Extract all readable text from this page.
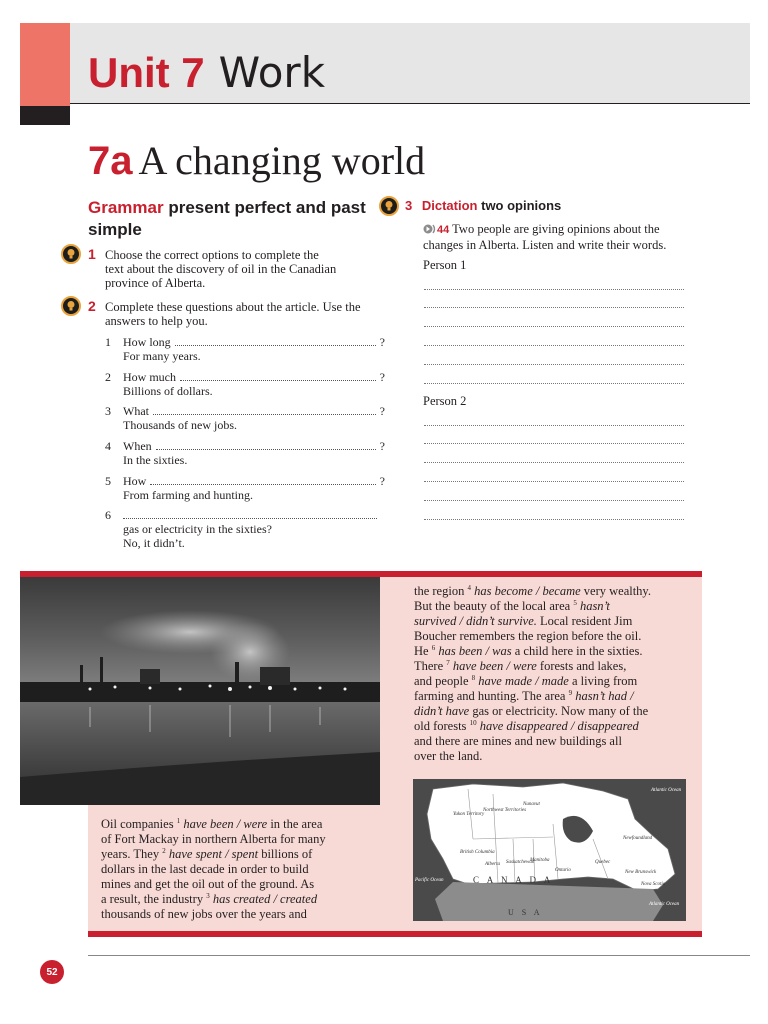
Unit 7 Work
7a A changing world
Grammar present perfect and past simple
1 Choose the correct options to complete the
text about the discovery of oil in the Canadian
province of Alberta.
2 Complete these questions about the article. Use the
answers to help you.
1	How long	?
For many years.
2	How much	?
Billions of dollars.
3	What	?
Thousands of new jobs.
4	When	?
In the sixties.
5	How	?
From farming and hunting.
6
gas or electricity in the sixties?
No, it didn’t.
3 Dictation two opinions
44 Two people are giving opinions about the
changes in Alberta. Listen and write their words.
Person 1
Person 2
the region $^4$ has become / became very wealthy.
But the beauty of the local area $^5$ hasn’t
survived / didn’t survive. Local resident Jim
Boucher remembers the region before the oil.
He $^6$ has been / was a child here in the sixties.
There $^7$ have been / were forests and lakes,
and people $^8$ have made / made a living from
farming and hunting. The area $^9$ hasn’t had /
didn’t have gas or electricity. Now many of the
old forests $^{10}$ have disappeared / disappeared
and there are mines and new buildings all
over the land.
Oil companies $^1$ have been / were in the area
of Fort Mackay in northern Alberta for many
years. They $^2$ have spent / spent billions of
dollars in the last decade in order to build
mines and get the oil out of the ground. As
a result, the industry $^3$ has created / created
thousands of new jobs over the years and
Yukon Territory
Northwest Territories
Nunavut
British Columbia
Alberta Saskatchewan
Manitoba
Ontario
Quebec
Newfoundland
New Brunswick
Nova Scotia
Atlantic Ocean
Atlantic Ocean
Pacific Ocean	C A N A D A
U S A
52
